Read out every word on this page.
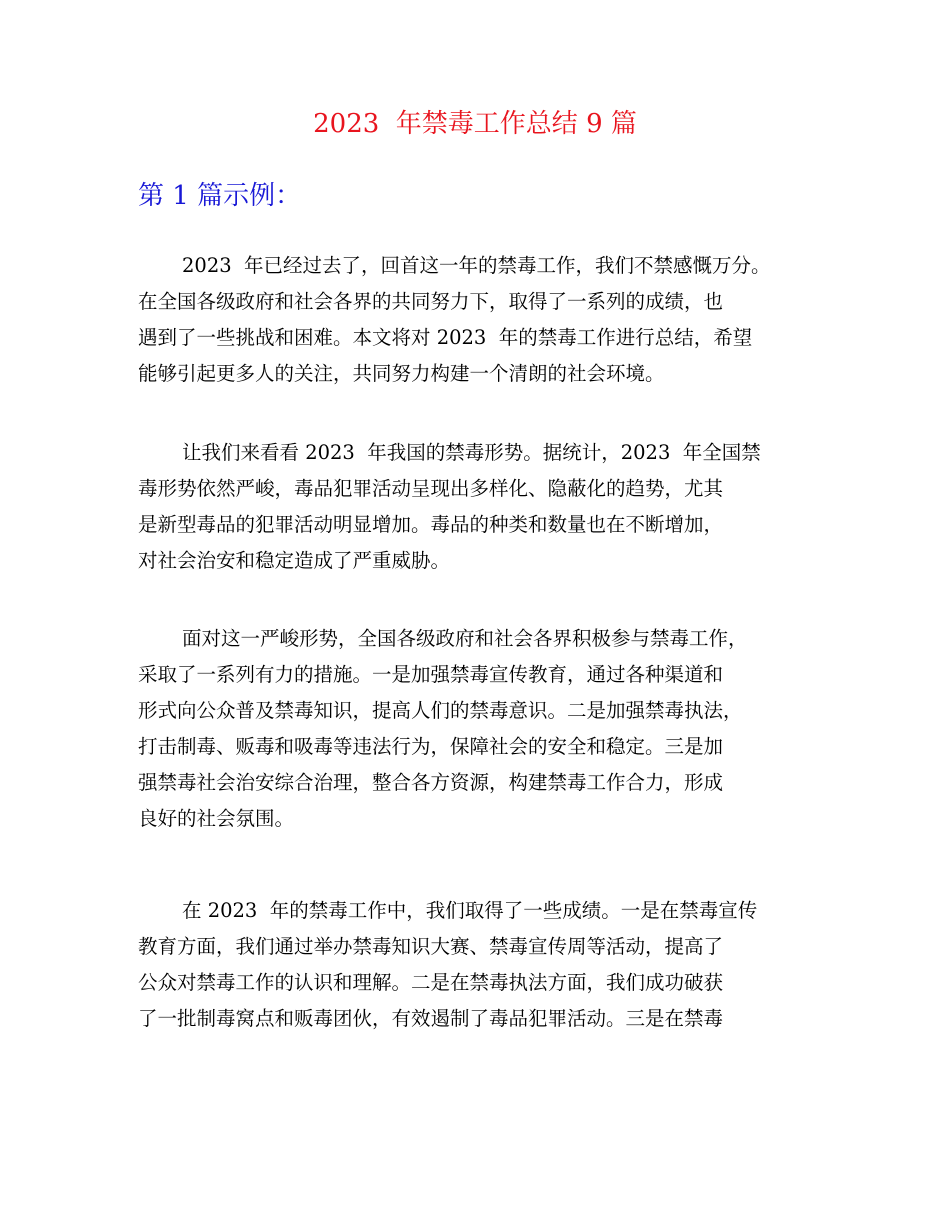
2023  年禁毒工作总结 9 篇
第 1 篇示例：
2023  年已经过去了，回首这一年的禁毒工作，我们不禁感慨万分。
在全国各级政府和社会各界的共同努力下，取得了一系列的成绩，也
遇到了一些挑战和困难。本文将对 2023  年的禁毒工作进行总结，希望
能够引起更多人的关注，共同努力构建一个清朗的社会环境。
让我们来看看 2023  年我国的禁毒形势。据统计，2023  年全国禁
毒形势依然严峻，毒品犯罪活动呈现出多样化、隐蔽化的趋势，尤其
是新型毒品的犯罪活动明显增加。毒品的种类和数量也在不断增加，
对社会治安和稳定造成了严重威胁。
面对这一严峻形势，全国各级政府和社会各界积极参与禁毒工作，
采取了一系列有力的措施。一是加强禁毒宣传教育，通过各种渠道和
形式向公众普及禁毒知识，提高人们的禁毒意识。二是加强禁毒执法，
打击制毒、贩毒和吸毒等违法行为，保障社会的安全和稳定。三是加
强禁毒社会治安综合治理，整合各方资源，构建禁毒工作合力，形成
良好的社会氛围。
在 2023  年的禁毒工作中，我们取得了一些成绩。一是在禁毒宣传
教育方面，我们通过举办禁毒知识大赛、禁毒宣传周等活动，提高了
公众对禁毒工作的认识和理解。二是在禁毒执法方面，我们成功破获
了一批制毒窝点和贩毒团伙，有效遏制了毒品犯罪活动。三是在禁毒
